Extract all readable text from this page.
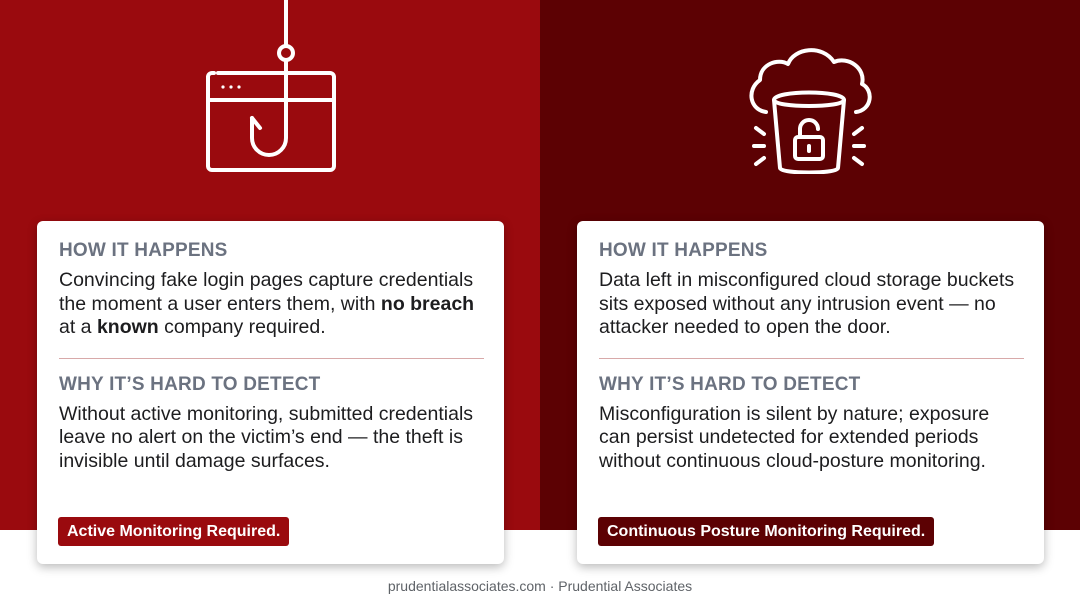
HOW IT HAPPENS

Convincing fake login pages capture credentials the moment a user enters them, with no breach at a known company required.

WHY IT’S HARD TO DETECT

Without active monitoring, submitted credentials leave no alert on the victim’s end — the theft is invisible until damage surfaces.

Active Monitoring Required.

HOW IT HAPPENS

Data left in misconfigured cloud storage buckets sits exposed without any intrusion event — no attacker needed to open the door.

WHY IT’S HARD TO DETECT

Misconfiguration is silent by nature; exposure can persist undetected for extended periods without continuous cloud-posture monitoring.

Continuous Posture Monitoring Required.
prudentialassociates.com · Prudential Associates
